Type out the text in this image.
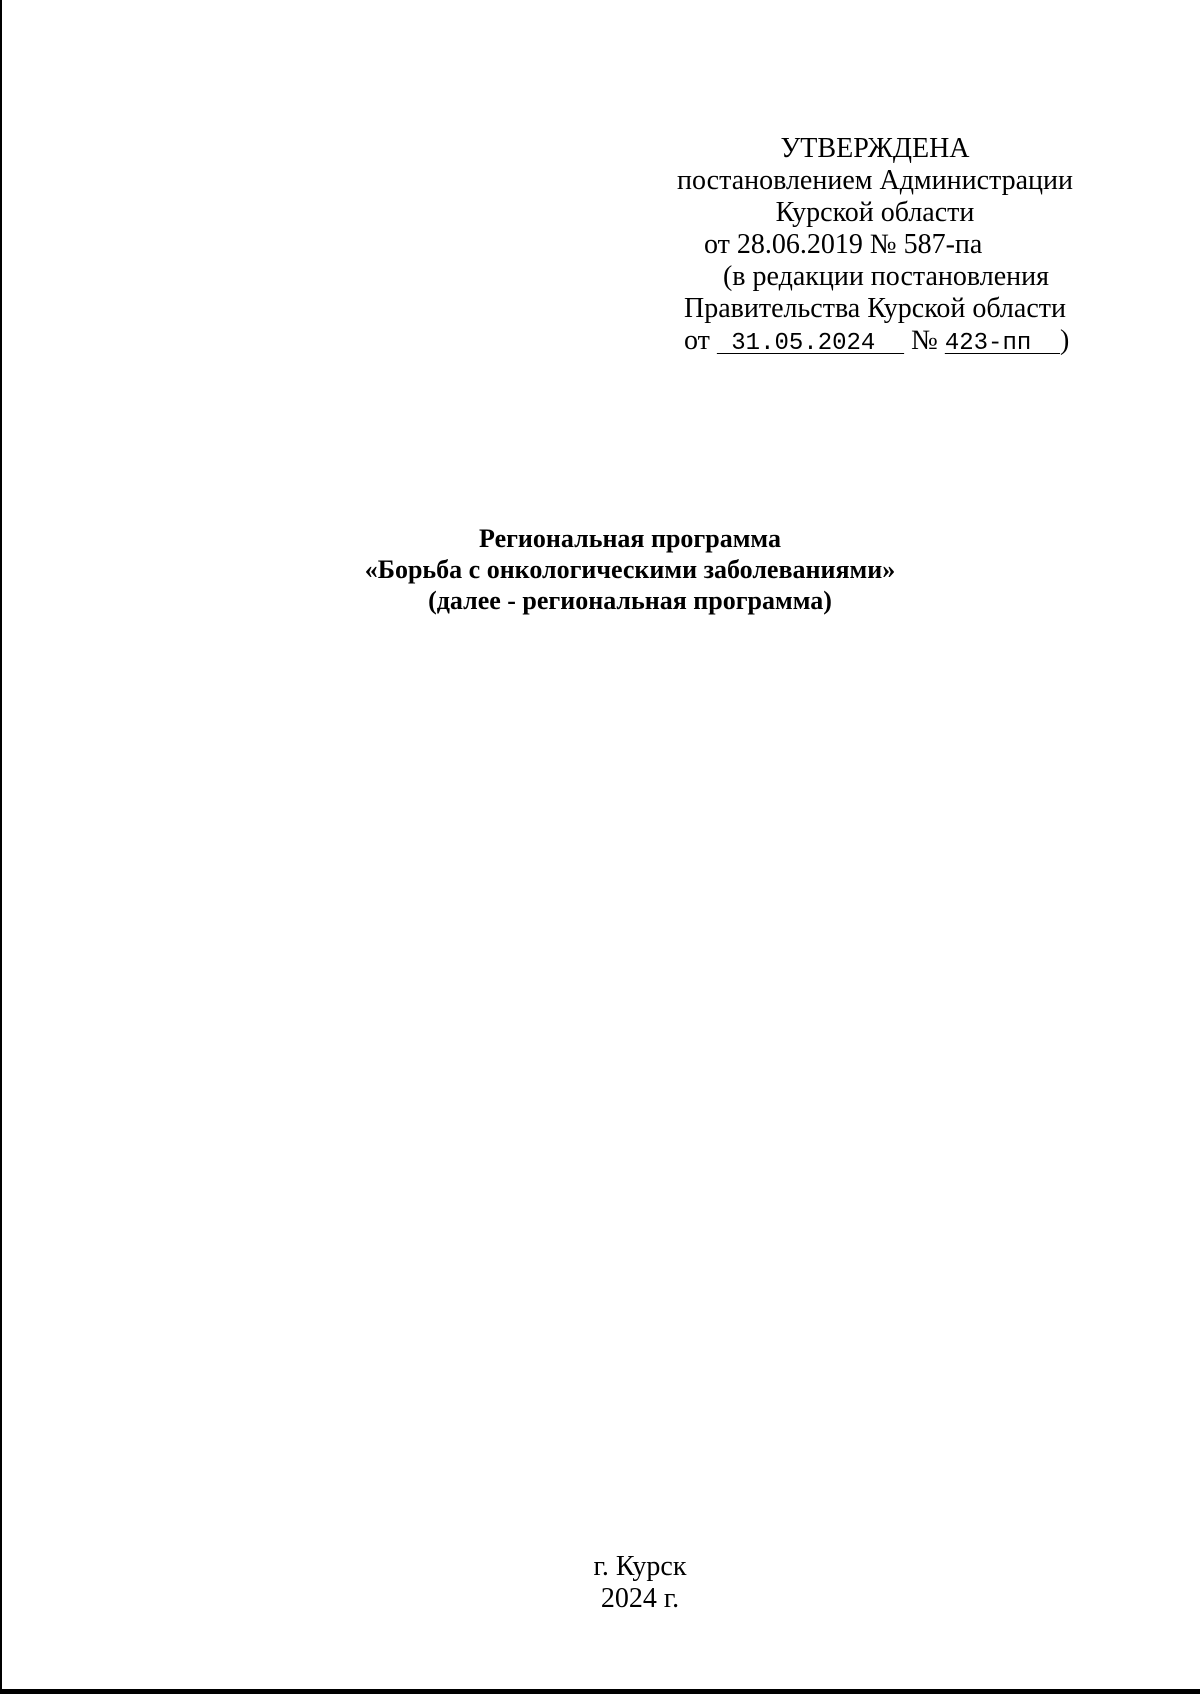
УТВЕРЖДЕНА
постановлением Администрации
Курской области
от 28.06.2019 № 587-па
(в редакции постановления
Правительства Курской области
от  31.05.2024   № 423-пп  )
Региональная программа
«Борьба с онкологическими заболеваниями»
(далее - региональная программа)
г. Курск
2024 г.
